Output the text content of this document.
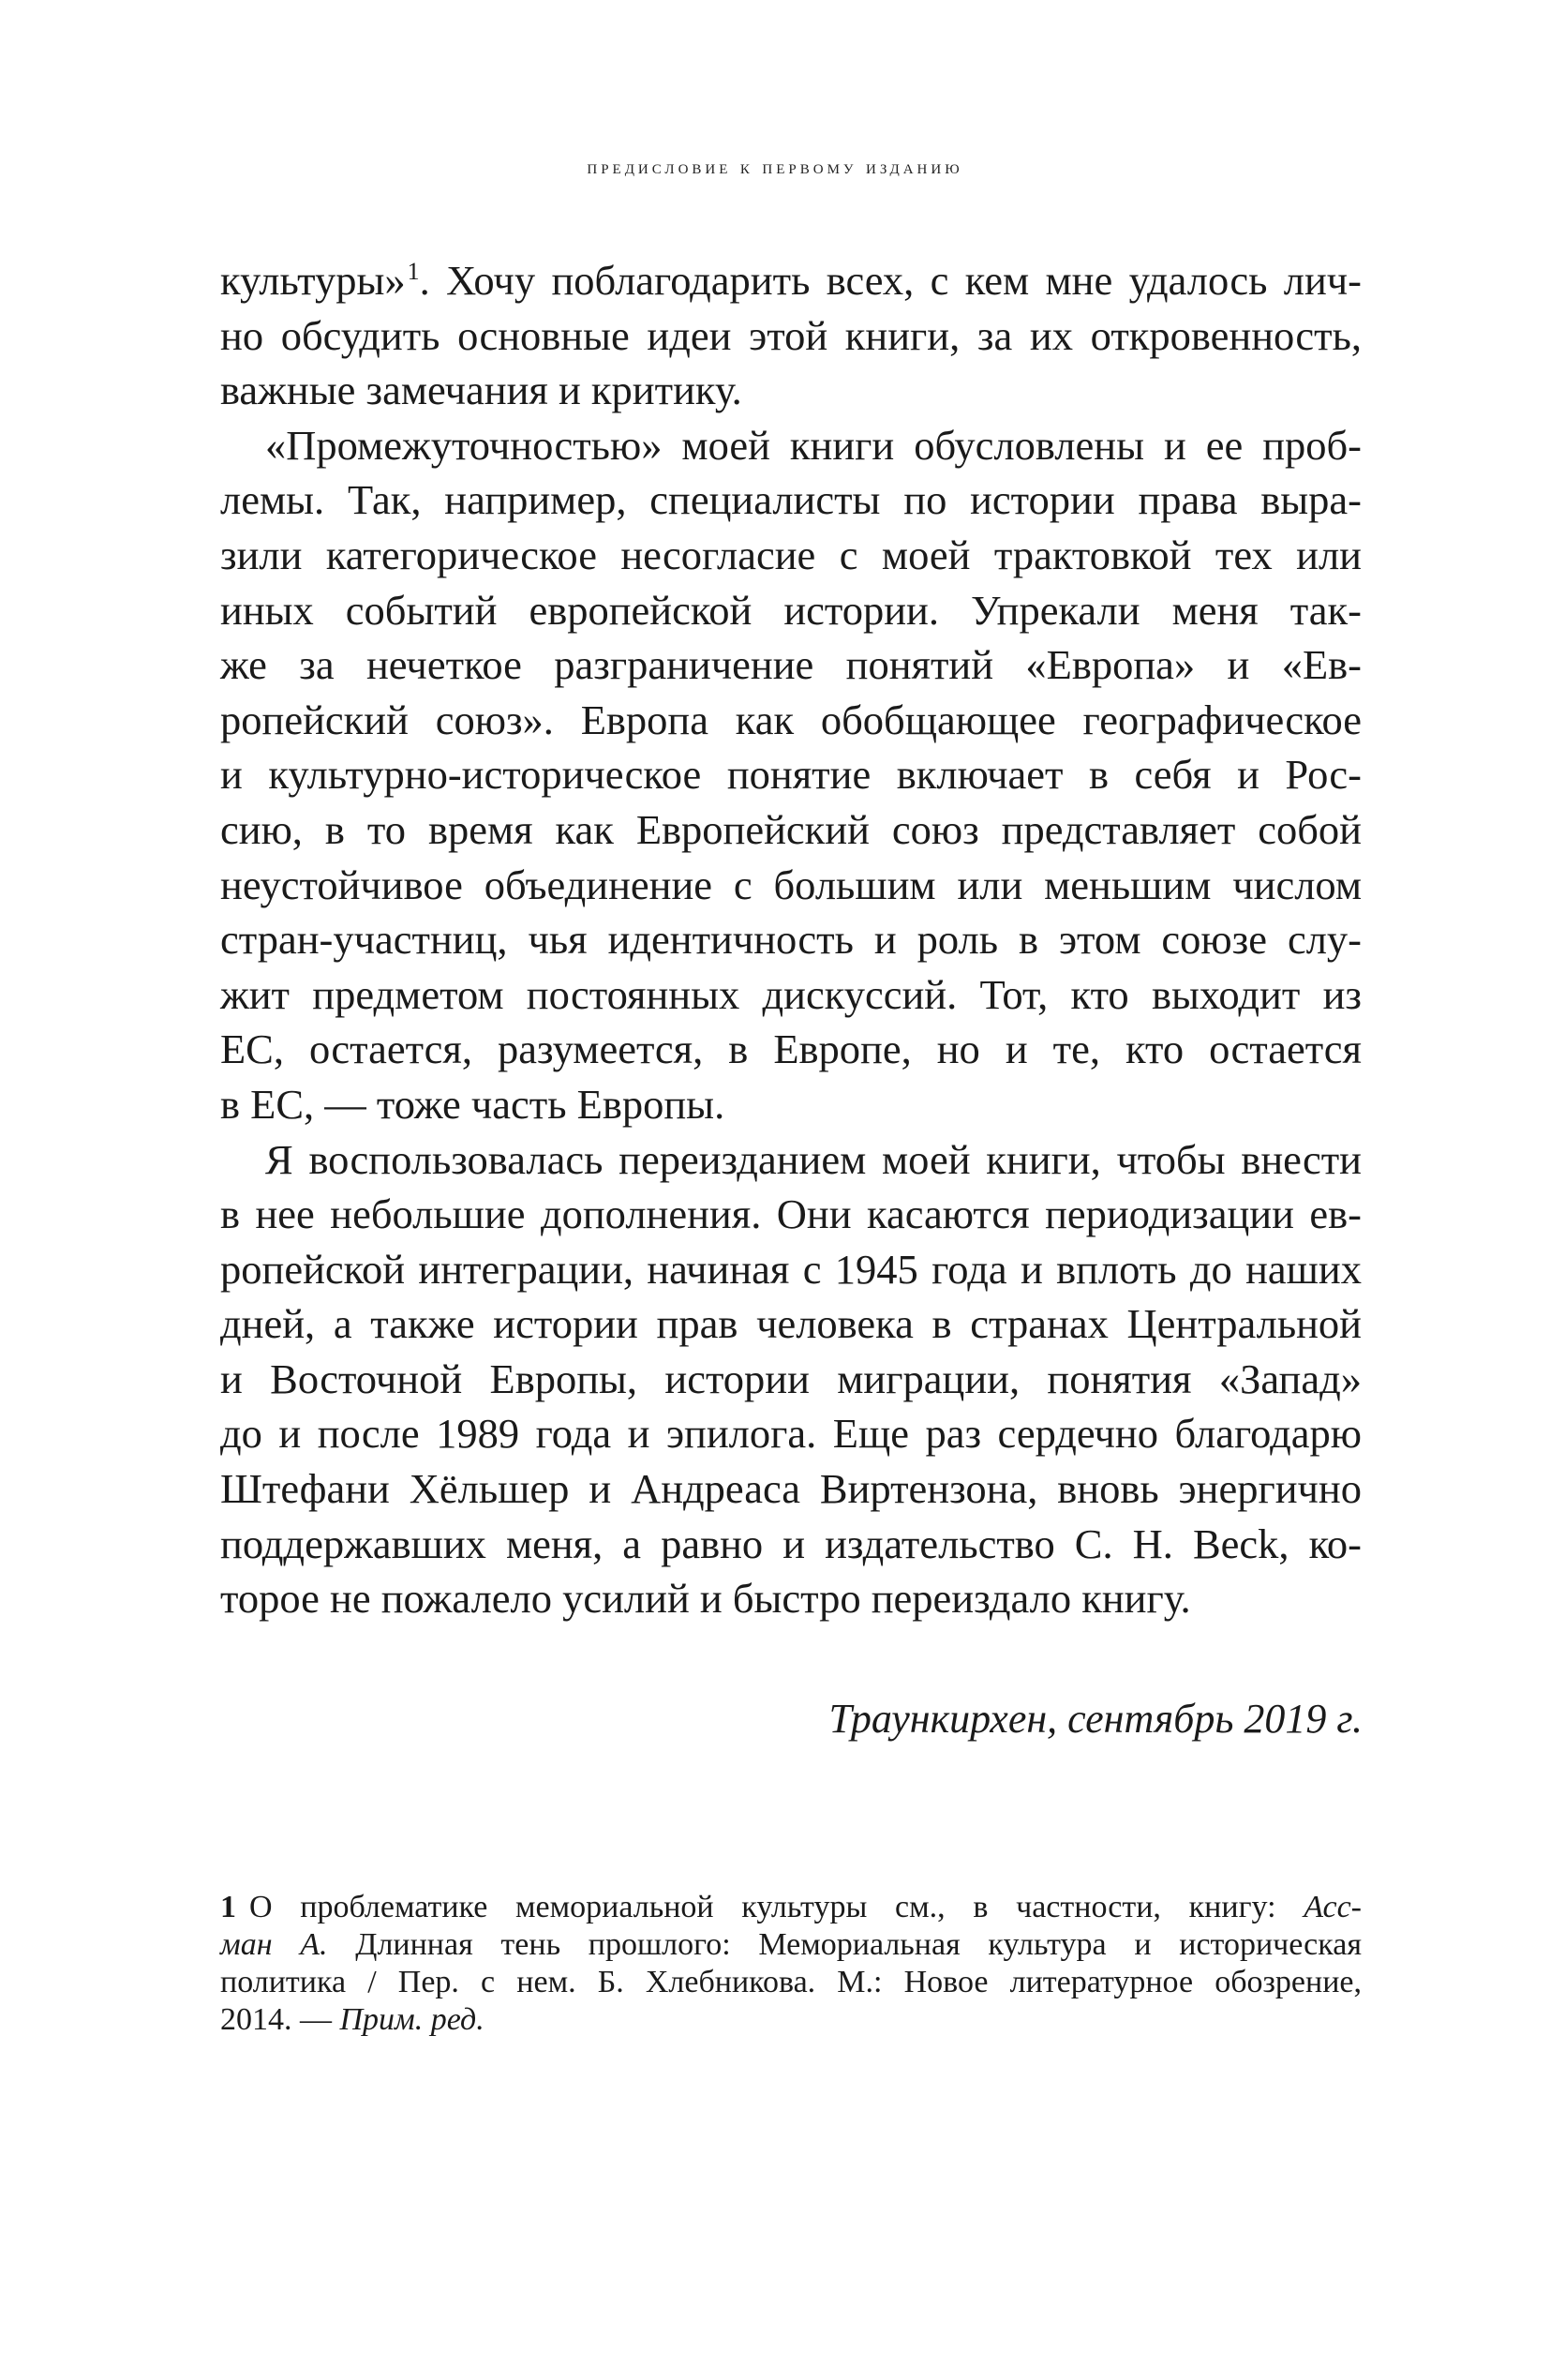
предисловие к первому изданию
культуры»$^1$. Хочу поблагодарить всех, с кем мне удалось лич-
но обсудить основные идеи этой книги, за их откровенность,
важные замечания и критику.
«Промежуточностью» моей книги обусловлены и ее проб-
лемы. Так, например, специалисты по истории права выра-
зили категорическое несогласие с моей трактовкой тех или
иных событий европейской истории. Упрекали меня так-
же за нечеткое разграничение понятий «Европа» и «Ев-
ропейский союз». Европа как обобщающее географическое
и культурно-историческое понятие включает в себя и Рос-
сию, в то время как Европейский союз представляет собой
неустойчивое объединение с большим или меньшим числом
стран-участниц, чья идентичность и роль в этом союзе слу-
жит предметом постоянных дискуссий. Тот, кто выходит из
ЕС, остается, разумеется, в Европе, но и те, кто остается
в ЕС, — тоже часть Европы.
Я воспользовалась переизданием моей книги, чтобы внести
в нее небольшие дополнения. Они касаются периодизации ев-
ропейской интеграции, начиная с 1945 года и вплоть до наших
дней, а также истории прав человека в странах Центральной
и Восточной Европы, истории миграции, понятия «Запад»
до и после 1989 года и эпилога. Еще раз сердечно благодарю
Штефани Хёльшер и Андреаса Виртензона, вновь энергично
поддержавших меня, а равно и издательство C. H. Beck, ко-
торое не пожалело усилий и быстро переиздало книгу.
Траункирхен, сентябрь 2019 г.
1 О проблематике мемориальной культуры см., в частности, книгу: Асс-
ман А. Длинная тень прошлого: Мемориальная культура и историческая
политика / Пер. с нем. Б. Хлебникова. М.: Новое литературное обозрение,
2014. — Прим. ред.
